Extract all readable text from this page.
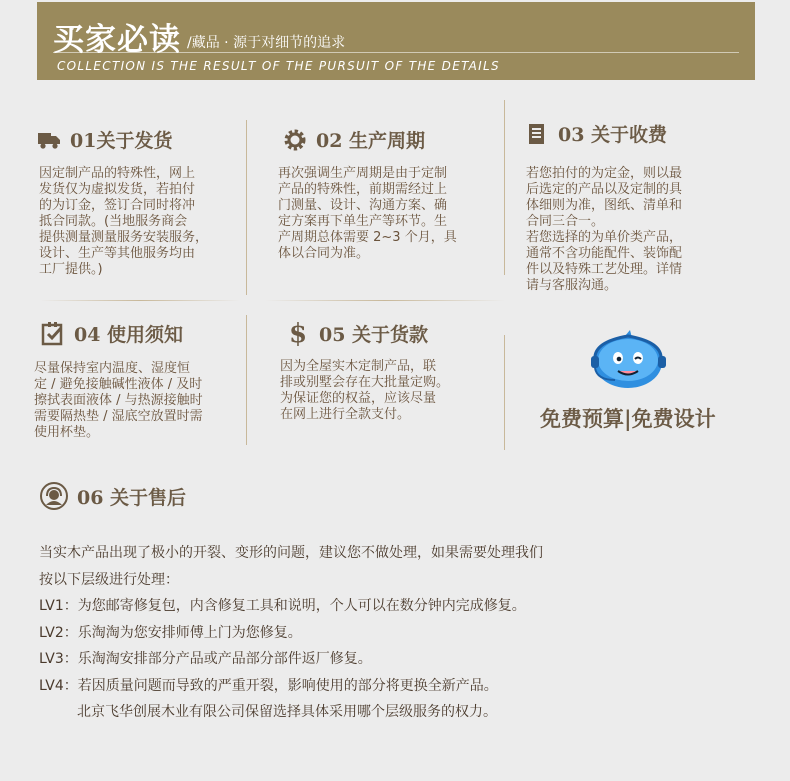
买家必读 /藏品 · 源于对细节的追求
COLLECTION IS THE RESULT OF THE PURSUIT OF THE DETAILS
01关于发货
因定制产品的特殊性，网上
发货仅为虚拟发货，若拍付
的为订金，签订合同时将冲
抵合同款。(当地服务商会
提供测量测量服务安装服务，
设计、生产等其他服务均由
工厂提供。)
02 生产周期
再次强调生产周期是由于定制
产品的特殊性，前期需经过上
门测量、设计、沟通方案、确
定方案再下单生产等环节。生
产周期总体需要 2~3 个月，具
体以合同为准。
03 关于收费
若您拍付的为定金，则以最
后选定的产品以及定制的具
体细则为准，图纸、清单和
合同三合一。
若您选择的为单价类产品，
通常不含功能配件、装饰配
件以及特殊工艺处理。详情
请与客服沟通。
04 使用须知
尽量保持室内温度、湿度恒
定 / 避免接触碱性液体 / 及时
擦拭表面液体 / 与热源接触时
需要隔热垫 / 湿底空放置时需
使用杯垫。
$ 05 关于货款
因为全屋实木定制产品，联
排或别墅会存在大批量定购。
为保证您的权益，应该尽量
在网上进行全款支付。	免费预算|免费设计
06 关于售后
当实木产品出现了极小的开裂、变形的问题，建议您不做处理，如果需要处理我们
按以下层级进行处理：
LV1：为您邮寄修复包，内含修复工具和说明，个人可以在数分钟内完成修复。
LV2：乐淘淘为您安排师傅上门为您修复。
LV3：乐淘淘安排部分产品或产品部分部件返厂修复。
LV4：若因质量问题而导致的严重开裂，影响使用的部分将更换全新产品。
北京飞华创展木业有限公司保留选择具体采用哪个层级服务的权力。
